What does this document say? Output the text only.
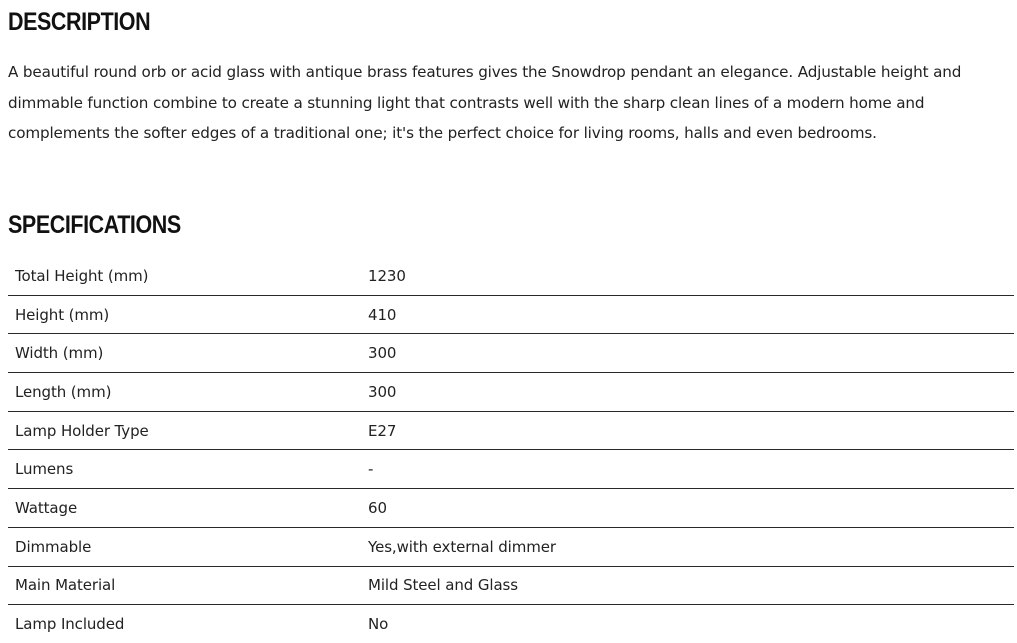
DESCRIPTION

A beautiful round orb or acid glass with antique brass features gives the Snowdrop pendant an elegance. Adjustable height and dimmable function combine to create a stunning light that contrasts well with the sharp clean lines of a modern home and complements the softer edges of a traditional one; it's the perfect choice for living rooms, halls and even bedrooms.

SPECIFICATIONS
Total Height (mm)	1230
Height (mm)	410
Width (mm)	300
Length (mm)	300
Lamp Holder Type	E27
Lumens	-
Wattage	60
Dimmable	Yes,with external dimmer
Main Material	Mild Steel and Glass
Lamp Included	No
